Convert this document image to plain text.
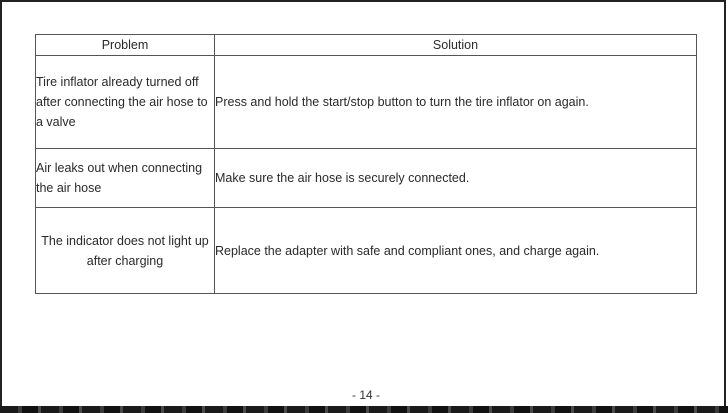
Problem	Solution
Tire inflator already turned off after connecting the air hose to a valve	Press and hold the start/stop button to turn the tire inflator on again.
Air leaks out when connecting the air hose	Make sure the air hose is securely connected.
The indicator does not light up after charging	Replace the adapter with safe and compliant ones, and charge again.
- 14 -
